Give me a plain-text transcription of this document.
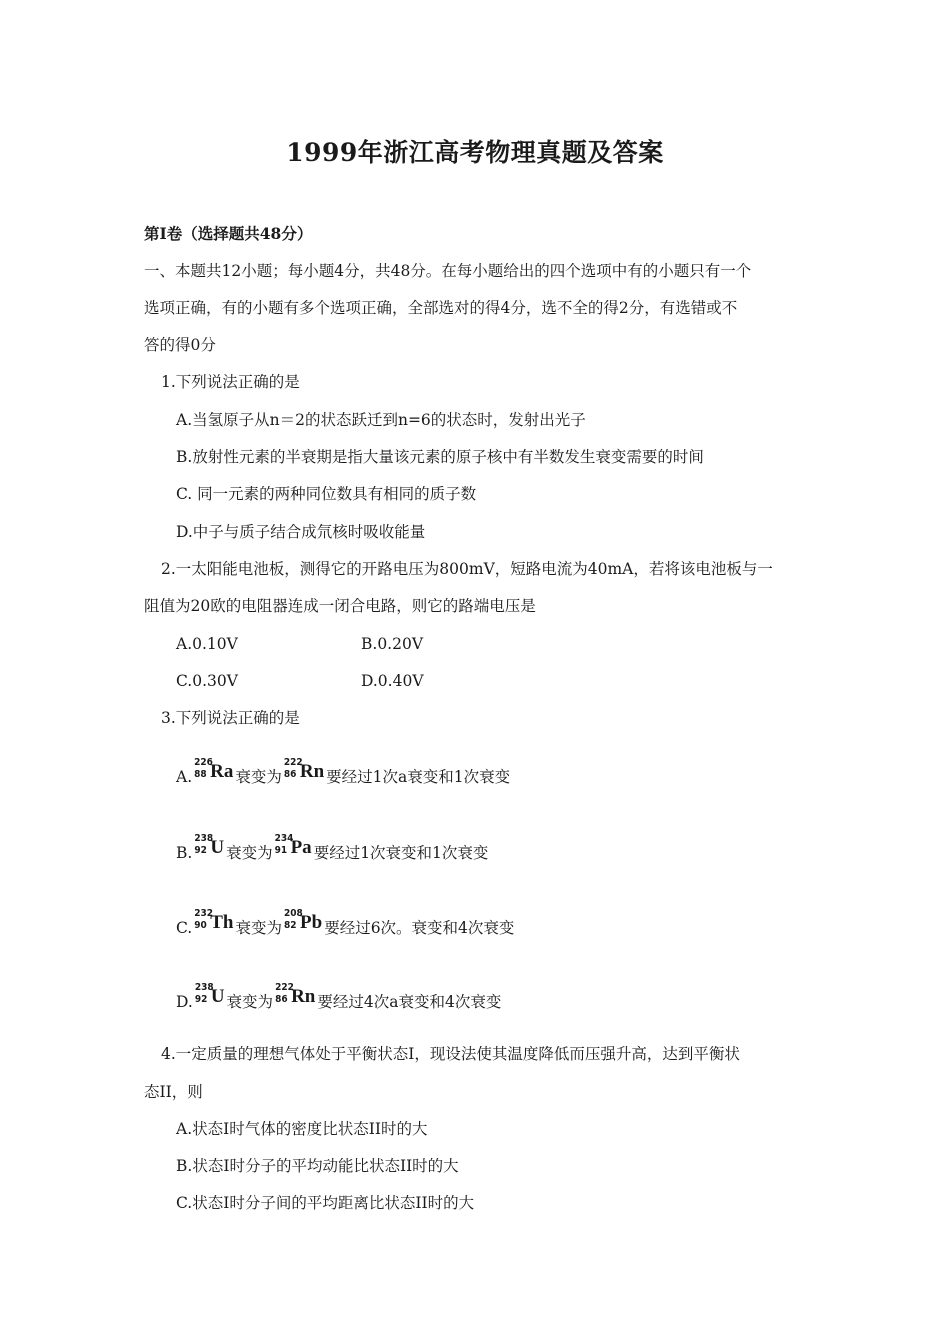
1999年浙江高考物理真题及答案
第Ⅰ卷（选择题共48分）
一、本题共12小题；每小题4分，共48分。在每小题给出的四个选项中有的小题只有一个
选项正确，有的小题有多个选项正确，全部选对的得4分，选不全的得2分，有选错或不
答的得0分
1.下列说法正确的是
A.当氢原子从n＝2的状态跃迁到n=6的状态时，发射出光子
B.放射性元素的半衰期是指大量该元素的原子核中有半数发生衰变需要的时间
C. 同一元素的两种同位数具有相同的质子数
D.中子与质子结合成氘核时吸收能量
2.一太阳能电池板，测得它的开路电压为800mV，短路电流为40mA，若将该电池板与一
阻值为20欧的电阻器连成一闭合电路，则它的路端电压是
A.0.10V	B.0.20V
C.0.30V	D.0.40V
3.下列说法正确的是
A.
226
88 Ra 衰变为
222
86 Rn 要经过1次a衰变和1次衰变
B.
238
92 U 衰变为
234
91 Pa 要经过1次衰变和1次衰变
C.
232
90 Th 衰变为
208
82 Pb 要经过6次。衰变和4次衰变
D.
238
92 U 衰变为
222
86 Rn 要经过4次a衰变和4次衰变
4.一定质量的理想气体处于平衡状态I，现设法使其温度降低而压强升高，达到平衡状
态II，则
A.状态I时气体的密度比状态II时的大
B.状态I时分子的平均动能比状态II时的大
C.状态I时分子间的平均距离比状态II时的大
